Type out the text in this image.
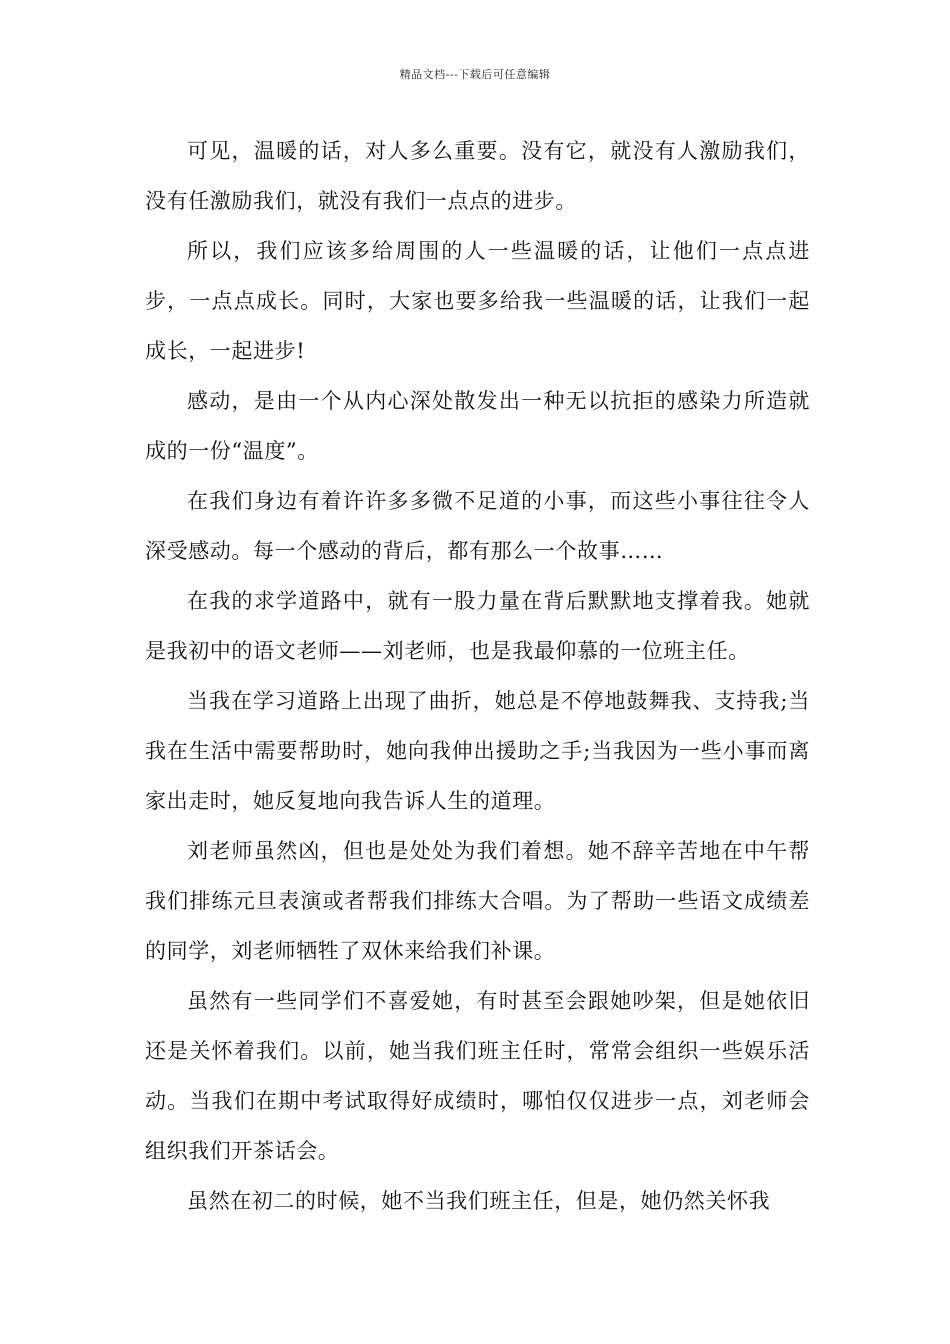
精品文档---下载后可任意编辑

可见，温暖的话，对人多么重要。没有它，就没有人激励我们，没有任激励我们，就没有我们一点点的进步。

所以，我们应该多给周围的人一些温暖的话，让他们一点点进步，一点点成长。同时，大家也要多给我一些温暖的话，让我们一起成长，一起进步!

感动，是由一个从内心深处散发出一种无以抗拒的感染力所造就成的一份“温度”。

在我们身边有着许许多多微不足道的小事，而这些小事往往令人深受感动。每一个感动的背后，都有那么一个故事……

在我的求学道路中，就有一股力量在背后默默地支撑着我。她就是我初中的语文老师——刘老师，也是我最仰慕的一位班主任。

当我在学习道路上出现了曲折，她总是不停地鼓舞我、支持我;当我在生活中需要帮助时，她向我伸出援助之手;当我因为一些小事而离家出走时，她反复地向我告诉人生的道理。

刘老师虽然凶，但也是处处为我们着想。她不辞辛苦地在中午帮我们排练元旦表演或者帮我们排练大合唱。为了帮助一些语文成绩差的同学，刘老师牺牲了双休来给我们补课。

虽然有一些同学们不喜爱她，有时甚至会跟她吵架，但是她依旧还是关怀着我们。以前，她当我们班主任时，常常会组织一些娱乐活动。当我们在期中考试取得好成绩时，哪怕仅仅进步一点，刘老师会组织我们开茶话会。

虽然在初二的时候，她不当我们班主任，但是，她仍然关怀我
